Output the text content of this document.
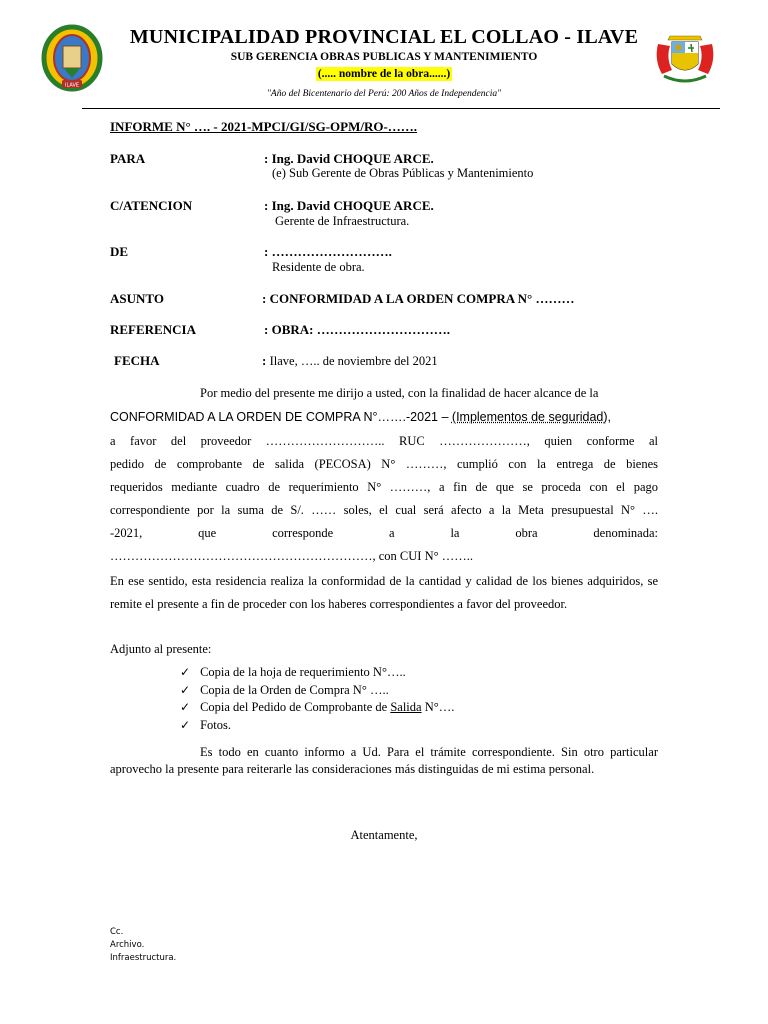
ILAVE
MUNICIPALIDAD PROVINCIAL EL COLLAO - ILAVE
SUB GERENCIA OBRAS PUBLICAS Y MANTENIMIENTO
(..... nombre de la obra......)
"Año del Bicentenario del Perú: 200 Años de Independencia"
INFORME N° …. - 2021-MPCI/GI/SG-OPM/RO-…….
PARA	: Ing. David CHOQUE ARCE.
(e) Sub Gerente de Obras Públicas y Mantenimiento
C/ATENCION	: Ing. David CHOQUE ARCE.
Gerente de Infraestructura.
DE	: ……………………….
Residente de obra.
ASUNTO	: CONFORMIDAD A LA ORDEN COMPRA N° ………
REFERENCIA	: OBRA: ………………………….
FECHA	: Ilave, ….. de noviembre del 2021
Por medio del presente me dirijo a usted, con la finalidad de hacer alcance de la
CONFORMIDAD A LA ORDEN DE COMPRA N°…….-2021 – (Implementos de seguridad),
a favor del proveedor ……………………….. RUC …………………, quien conforme al
pedido de comprobante de salida (PECOSA) N° ………, cumplió con la entrega de bienes
requeridos mediante cuadro de requerimiento N° ………, a fin de que se proceda con el pago
correspondiente por la suma de S/. …… soles, el cual será afecto a la Meta presupuestal N° ….
-2021,            que            corresponde            a            la            obra            denominada:
………………………………………………………, con CUI N° ……..
En ese sentido, esta residencia realiza la conformidad de la cantidad y calidad de los bienes adquiridos, se remite el presente a fin de proceder con los haberes correspondientes a favor del proveedor.
Adjunto al presente:
✓ Copia de la hoja de requerimiento N°…..
✓ Copia de la Orden de Compra N° …..
✓ Copia del Pedido de Comprobante de Salida N°….
✓ Fotos.
Es todo en cuanto informo a Ud. Para el trámite correspondiente. Sin otro particular aprovecho la presente para reiterarle las consideraciones más distinguidas de mi estima personal.
Atentamente,
Cc.
Archivo.
Infraestructura.
